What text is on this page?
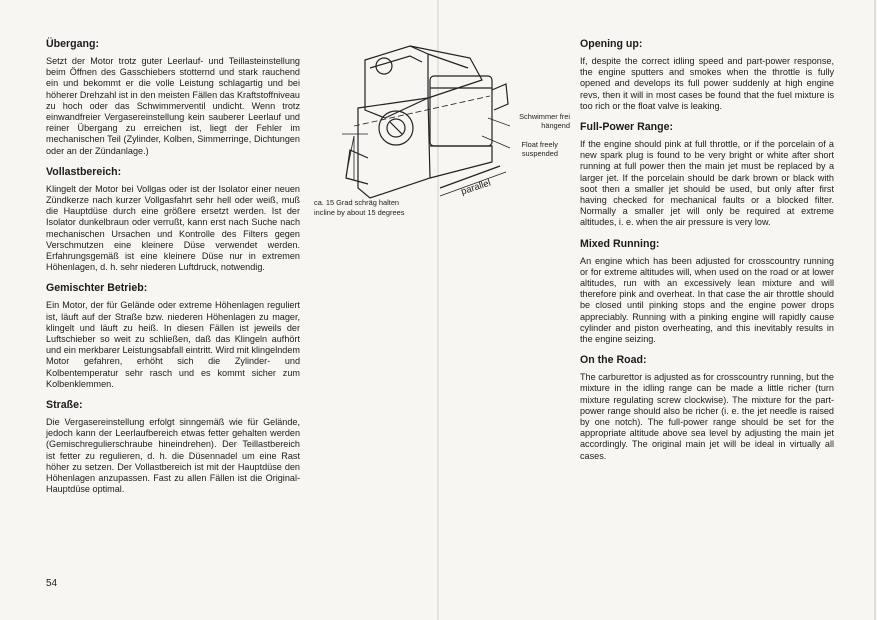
Übergang:

Setzt der Motor trotz guter Leerlauf- und Teillasteinstellung beim Öffnen des Gasschiebers stotternd und stark rauchend ein und bekommt er die volle Leistung schlagartig und bei höherer Drehzahl ist in den meisten Fällen das Kraftstoffniveau zu hoch oder das Schwimmerventil undicht. Wenn trotz einwandfreier Vergasereinstellung kein sauberer Leerlauf und reiner Übergang zu erreichen ist, liegt der Fehler im mechanischen Teil (Zylinder, Kolben, Simmerringe, Dichtungen oder an der Zündanlage.)

Vollastbereich:

Klingelt der Motor bei Vollgas oder ist der Isolator einer neuen Zündkerze nach kurzer Vollgasfahrt sehr hell oder weiß, muß die Hauptdüse durch eine größere ersetzt werden. Ist der Isolator dunkelbraun oder verrußt, kann erst nach Suche nach mechanischen Ursachen und Kontrolle des Filters gegen Verschmutzen eine kleinere Düse verwendet werden. Erfahrungsgemäß ist eine kleinere Düse nur in extremen Höhenlagen, d. h. sehr niederen Luftdruck, notwendig.

Gemischter Betrieb:

Ein Motor, der für Gelände oder extreme Höhenlagen reguliert ist, läuft auf der Straße bzw. niederen Höhenlagen zu mager, klingelt und läuft zu heiß. In diesen Fällen ist jeweils der Luftschieber so weit zu schließen, daß das Klingeln aufhört und ein merkbarer Leistungsabfall eintritt. Wird mit klingelndem Motor gefahren, erhöht sich die Zylinder- und Kolbentemperatur sehr rasch und es kommt sicher zum Kolbenklemmen.

Straße:

Die Vergasereinstellung erfolgt sinngemäß wie für Gelände, jedoch kann der Leerlaufbereich etwas fetter gehalten werden (Gemischregulierschraube hineindrehen). Der Teillastbereich ist fetter zu regulieren, d. h. die Düsennadel um eine Rast höher zu setzen. Der Vollastbereich ist mit der Hauptdüse den Höhenlagen anzupassen. Fast zu allen Fällen ist die Original-Hauptdüse optimal.

54
Schwimmer frei hängend
Float freely suspended
parallel
ca. 15 Grad schräg halten
incline by about 15 degrees
Opening up:

If, despite the correct idling speed and part-power response, the engine sputters and smokes when the throttle is fully opened and develops its full power suddenly at high engine revs, then it will in most cases be found that the fuel mixture is too rich or the float valve is leaking.

Full-Power Range:

If the engine should pink at full throttle, or if the porcelain of a new spark plug is found to be very bright or white after short running at full power then the main jet must be replaced by a larger jet. If the porcelain should be dark brown or black with soot then a smaller jet should be used, but only after first having checked for mechanical faults or a blocked filter. Normally a smaller jet will only be required at extreme altitudes, i. e. when the air pressure is very low.

Mixed Running:

An engine which has been adjusted for crosscountry running or for extreme altitudes will, when used on the road or at lower altitudes, run with an excessively lean mixture and will therefore pink and overheat. In that case the air throttle should be closed until pinking stops and the engine power drops appreciably. Running with a pinking engine will rapidly cause cylinder and piston overheating, and this inevitably results in the engine seizing.

On the Road:

The carburettor is adjusted as for crosscountry running, but the mixture in the idling range can be made a little richer (turn mixture regulating screw clockwise). The mixture for the part-power range should also be richer (i. e. the jet needle is raised by one notch). The full-power range should be set for the appropriate altitude above sea level by adjusting the main jet accordingly. The original main jet will be ideal in virtually all cases.
